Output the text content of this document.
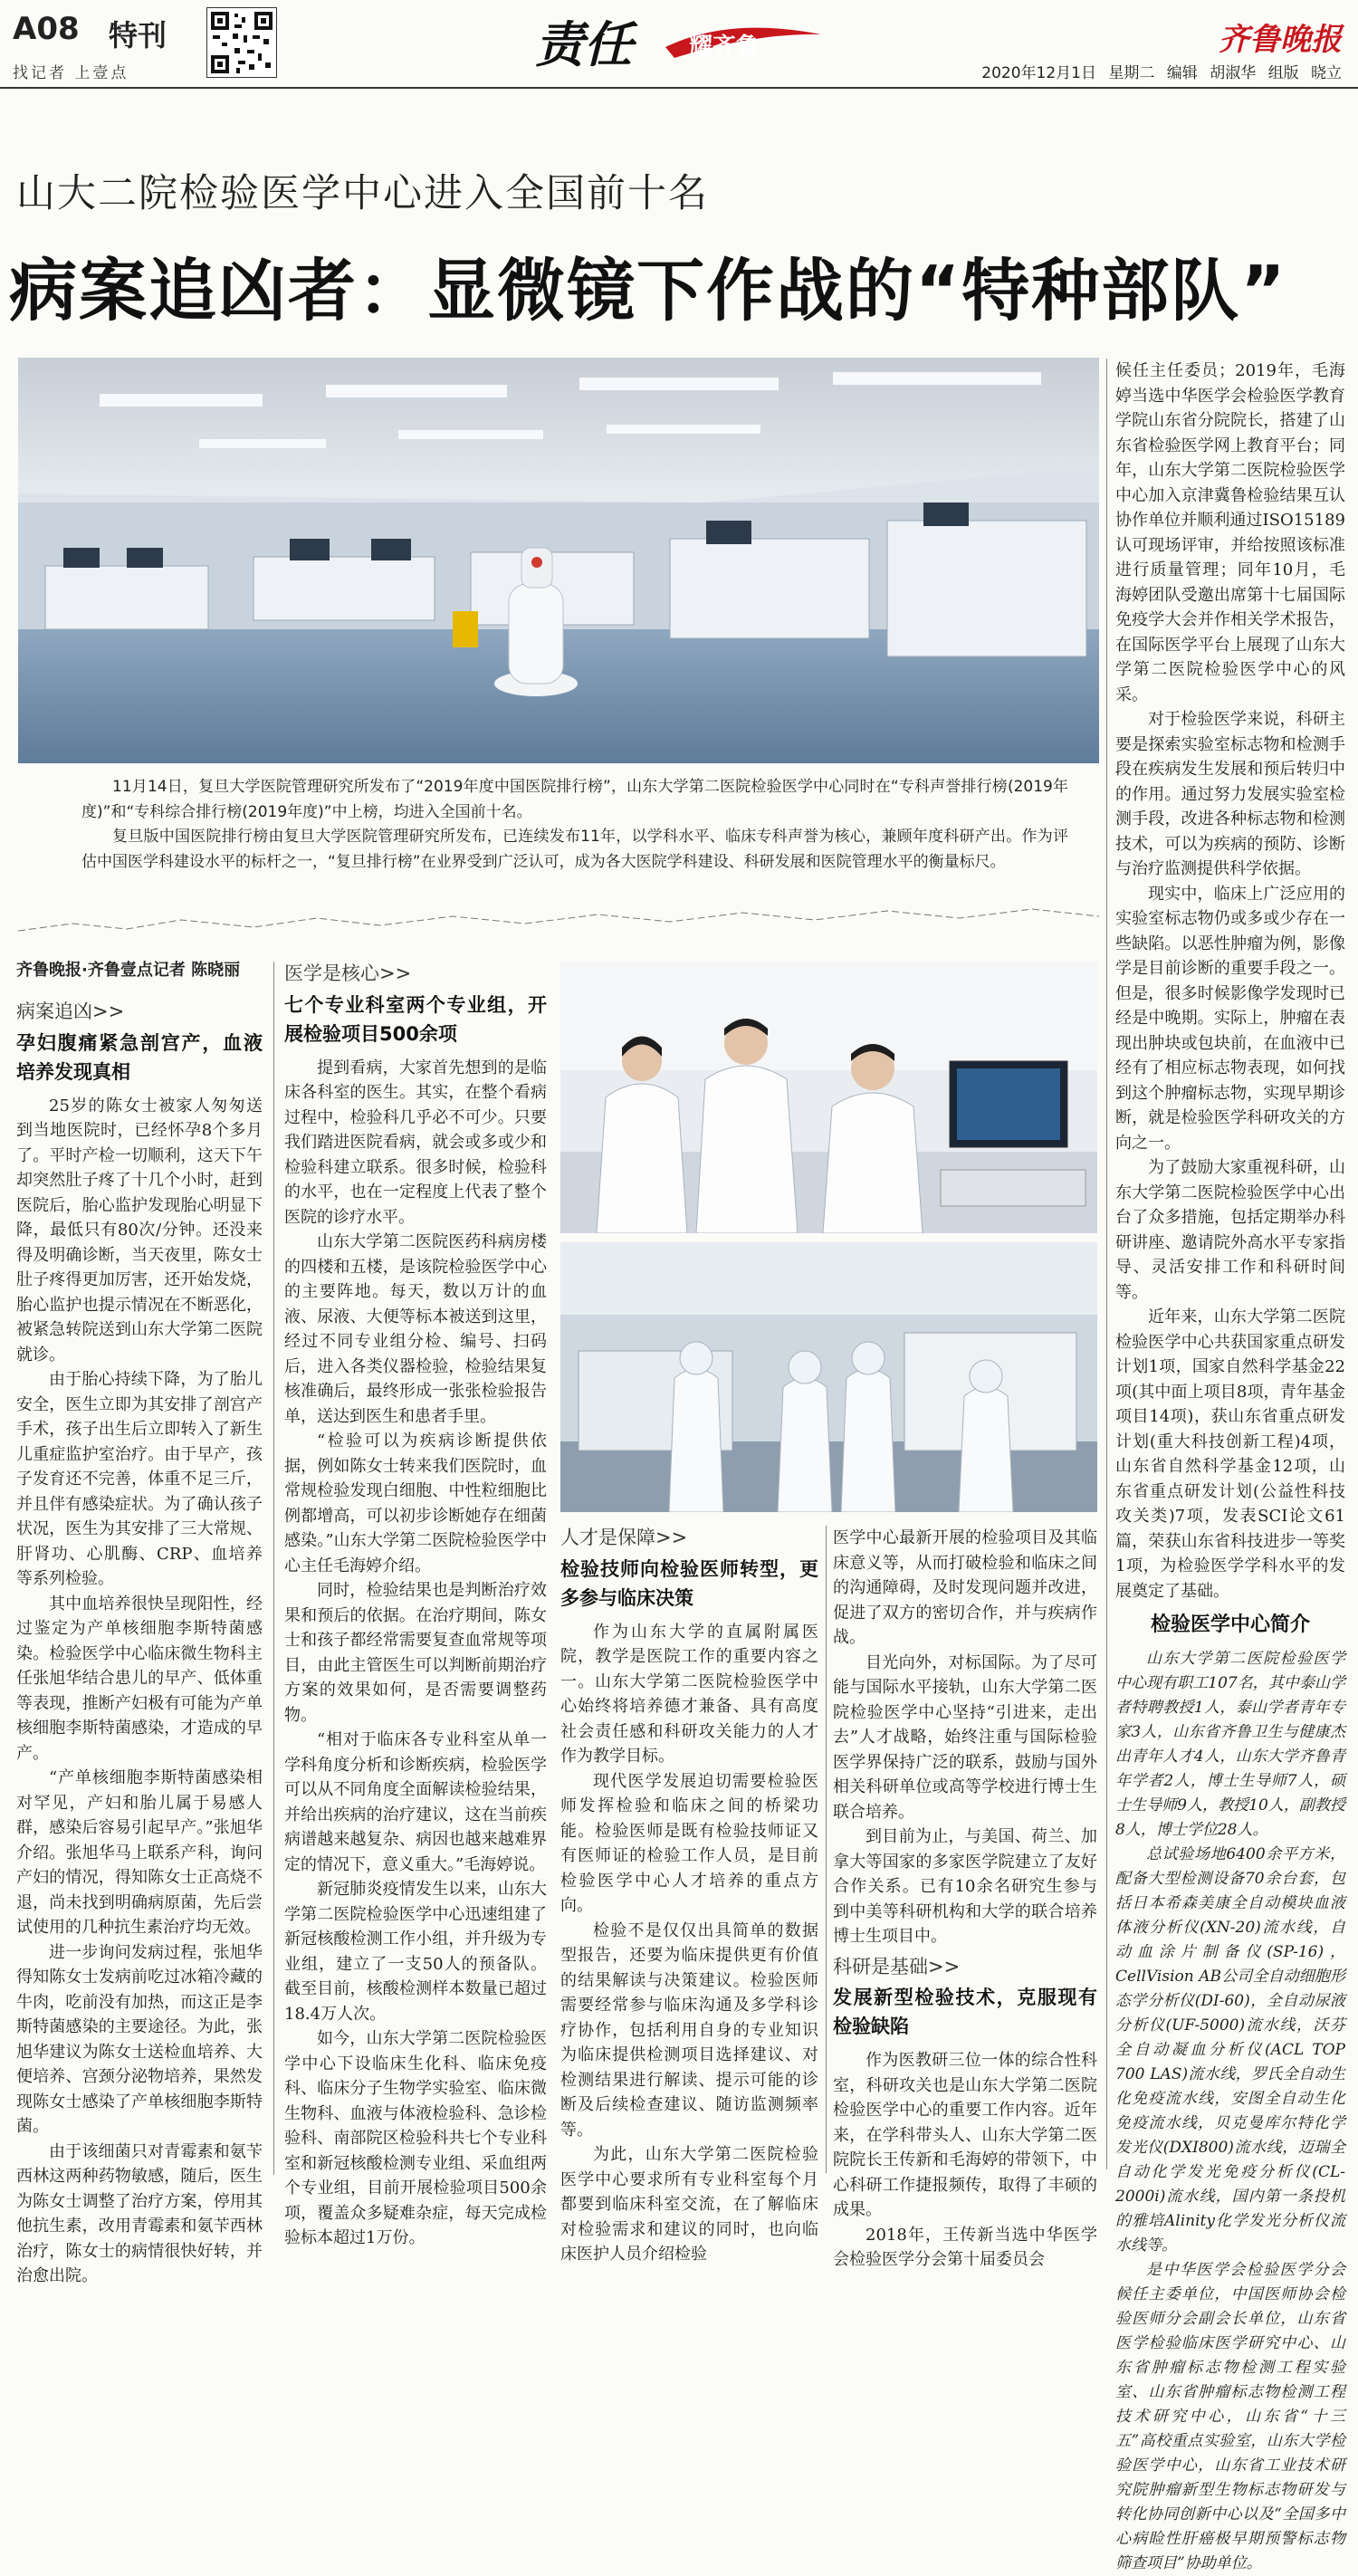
A08 特刊
找记者 上壹点	责任 耀齐鲁	齐鲁晚报
2020年12月1日 星期二 编辑 胡淑华 组版 晓立
山大二院检验医学中心进入全国前十名
病案追凶者：显微镜下作战的“特种部队”
11月14日，复旦大学医院管理研究所发布了“2019年度中国医院排行榜”，山东大学第二医院检验医学中心同时在“专科声誉排行榜(2019年度)”和“专科综合排行榜(2019年度)”中上榜，均进入全国前十名。
复旦版中国医院排行榜由复旦大学医院管理研究所发布，已连续发布11年，以学科水平、临床专科声誉为核心，兼顾年度科研产出。作为评估中国医学科建设水平的标杆之一，“复旦排行榜”在业界受到广泛认可，成为各大医院学科建设、科研发展和医院管理水平的衡量标尺。
齐鲁晚报·齐鲁壹点记者 陈晓丽

候任主任委员；2019年，毛海婷当选中华医学会检验医学教育学院山东省分院院长，搭建了山东省检验医学网上教育平台；同年，山东大学第二医院检验医学中心加入京津冀鲁检验结果互认协作单位并顺利通过ISO15189认可现场评审，并给按照该标准进行质量管理；同年10月，毛海婷团队受邀出席第十七届国际免疫学大会并作相关学术报告，在国际医学平台上展现了山东大学第二医院检验医学中心的风采。

对于检验医学来说，科研主要是探索实验室标志物和检测手段在疾病发生发展和预后转归中的作用。通过努力发展实验室检测手段，改进各种标志物和检测技术，可以为疾病的预防、诊断与治疗监测提供科学依据。

现实中，临床上广泛应用的实验室标志物仍或多或少存在一些缺陷。以恶性肿瘤为例，影像学是目前诊断的重要手段之一。但是，很多时候影像学发现时已经是中晚期。实际上，肿瘤在表现出肿块或包块前，在血液中已经有了相应标志物表现，如何找到这个肿瘤标志物，实现早期诊断，就是检验医学科研攻关的方向之一。

为了鼓励大家重视科研，山东大学第二医院检验医学中心出台了众多措施，包括定期举办科研讲座、邀请院外高水平专家指导、灵活安排工作和科研时间等。

近年来，山东大学第二医院检验医学中心共获国家重点研发计划1项，国家自然科学基金22项(其中面上项目8项，青年基金项目14项)，获山东省重点研发计划(重大科技创新工程)4项，山东省自然科学基金12项，山东省重点研发计划(公益性科技攻关类)7项，发表SCI论文61篇，荣获山东省科技进步一等奖1项，为检验医学学科水平的发展奠定了基础。

检验医学中心简介

山东大学第二医院检验医学中心现有职工107名，其中泰山学者特聘教授1人，泰山学者青年专家3人，山东省齐鲁卫生与健康杰出青年人才4人，山东大学齐鲁青年学者2人，博士生导师7人，硕士生导师9人，教授10人，副教授8人，博士学位28人。

总试验场地6400余平方米，配备大型检测设备70余台套，包括日本希森美康全自动模块血液体液分析仪(XN-20)流水线，自动血涂片制备仪(SP-16)，CellVision AB公司全自动细胞形态学分析仪(DI-60)，全自动尿液分析仪(UF-5000)流水线，沃芬全自动凝血分析仪(ACL TOP 700 LAS)流水线，罗氏全自动生化免疫流水线，安图全自动生化免疫流水线，贝克曼库尔特化学发光仪(DXI800)流水线，迈瑞全自动化学发光免疫分析仪(CL-2000i)流水线，国内第一条投机的雅培Alinity化学发光分析仪流水线等。

是中华医学会检验医学分会候任主委单位，中国医师协会检验医师分会副会长单位，山东省医学检验临床医学研究中心、山东省肿瘤标志物检测工程实验室、山东省肿瘤标志物检测工程技术研究中心，山东省“十三五”高校重点实验室，山东大学检验医学中心，山东省工业技术研究院肿瘤新型生物标志物研发与转化协同创新中心以及“全国多中心病睑性肝癌极早期预警标志物筛查项目”协助单位。

病案追凶>>
孕妇腹痛紧急剖宫产，血液培养发现真相

25岁的陈女士被家人匆匆送到当地医院时，已经怀孕8个多月了。平时产检一切顺利，这天下午却突然肚子疼了十几个小时，赶到医院后，胎心监护发现胎心明显下降，最低只有80次/分钟。还没来得及明确诊断，当天夜里，陈女士肚子疼得更加厉害，还开始发烧，胎心监护也提示情况在不断恶化，被紧急转院送到山东大学第二医院就诊。

由于胎心持续下降，为了胎儿安全，医生立即为其安排了剖宫产手术，孩子出生后立即转入了新生儿重症监护室治疗。由于早产，孩子发育还不完善，体重不足三斤，并且伴有感染症状。为了确认孩子状况，医生为其安排了三大常规、肝肾功、心肌酶、CRP、血培养等系列检验。

其中血培养很快呈现阳性，经过鉴定为产单核细胞李斯特菌感染。检验医学中心临床微生物科主任张旭华结合患儿的早产、低体重等表现，推断产妇极有可能为产单核细胞李斯特菌感染，才造成的早产。

“产单核细胞李斯特菌感染相对罕见，产妇和胎儿属于易感人群，感染后容易引起早产。”张旭华介绍。张旭华马上联系产科，询问产妇的情况，得知陈女士正高烧不退，尚未找到明确病原菌，先后尝试使用的几种抗生素治疗均无效。

进一步询问发病过程，张旭华得知陈女士发病前吃过冰箱冷藏的牛肉，吃前没有加热，而这正是李斯特菌感染的主要途径。为此，张旭华建议为陈女士送检血培养、大便培养、宫颈分泌物培养，果然发现陈女士感染了产单核细胞李斯特菌。

由于该细菌只对青霉素和氨苄西林这两种药物敏感，随后，医生为陈女士调整了治疗方案，停用其他抗生素，改用青霉素和氨苄西林治疗，陈女士的病情很快好转，并治愈出院。

医学是核心>>
七个专业科室两个专业组，开展检验项目500余项

提到看病，大家首先想到的是临床各科室的医生。其实，在整个看病过程中，检验科几乎必不可少。只要我们踏进医院看病，就会或多或少和检验科建立联系。很多时候，检验科的水平，也在一定程度上代表了整个医院的诊疗水平。

山东大学第二医院医药科病房楼的四楼和五楼，是该院检验医学中心的主要阵地。每天，数以万计的血液、尿液、大便等标本被送到这里，经过不同专业组分检、编号、扫码后，进入各类仪器检验，检验结果复核准确后，最终形成一张张检验报告单，送达到医生和患者手里。

“检验可以为疾病诊断提供依据，例如陈女士转来我们医院时，血常规检验发现白细胞、中性粒细胞比例都增高，可以初步诊断她存在细菌感染。”山东大学第二医院检验医学中心主任毛海婷介绍。

同时，检验结果也是判断治疗效果和预后的依据。在治疗期间，陈女士和孩子都经常需要复查血常规等项目，由此主管医生可以判断前期治疗方案的效果如何，是否需要调整药物。

“相对于临床各专业科室从单一学科角度分析和诊断疾病，检验医学可以从不同角度全面解读检验结果，并给出疾病的治疗建议，这在当前疾病谱越来越复杂、病因也越来越难界定的情况下，意义重大。”毛海婷说。

新冠肺炎疫情发生以来，山东大学第二医院检验医学中心迅速组建了新冠核酸检测工作小组，并升级为专业组，建立了一支50人的预备队。截至目前，核酸检测样本数量已超过18.4万人次。

如今，山东大学第二医院检验医学中心下设临床生化科、临床免疫科、临床分子生物学实验室、临床微生物科、血液与体液检验科、急诊检验科、南部院区检验科共七个专业科室和新冠核酸检测专业组、采血组两个专业组，目前开展检验项目500余项，覆盖众多疑难杂症，每天完成检验标本超过1万份。

人才是保障>>
检验技师向检验医师转型，更多参与临床决策

作为山东大学的直属附属医院，教学是医院工作的重要内容之一。山东大学第二医院检验医学中心始终将培养德才兼备、具有高度社会责任感和科研攻关能力的人才作为教学目标。

现代医学发展迫切需要检验医师发挥检验和临床之间的桥梁功能。检验医师是既有检验技师证又有医师证的检验工作人员，是目前检验医学中心人才培养的重点方向。

检验不是仅仅出具简单的数据型报告，还要为临床提供更有价值的结果解读与决策建议。检验医师需要经常参与临床沟通及多学科诊疗协作，包括利用自身的专业知识为临床提供检测项目选择建议、对检测结果进行解读、提示可能的诊断及后续检查建议、随访监测频率等。

为此，山东大学第二医院检验医学中心要求所有专业科室每个月都要到临床科室交流，在了解临床对检验需求和建议的同时，也向临床医护人员介绍检验

医学中心最新开展的检验项目及其临床意义等，从而打破检验和临床之间的沟通障碍，及时发现问题并改进，促进了双方的密切合作，并与疾病作战。

目光向外，对标国际。为了尽可能与国际水平接轨，山东大学第二医院检验医学中心坚持“引进来，走出去”人才战略，始终注重与国际检验医学界保持广泛的联系，鼓励与国外相关科研单位或高等学校进行博士生联合培养。

到目前为止，与美国、荷兰、加拿大等国家的多家医学院建立了友好合作关系。已有10余名研究生参与到中美等科研机构和大学的联合培养博士生项目中。

科研是基础>>
发展新型检验技术，克服现有检验缺陷

作为医教研三位一体的综合性科室，科研攻关也是山东大学第二医院检验医学中心的重要工作内容。近年来，在学科带头人、山东大学第二医院院长王传新和毛海婷的带领下，中心科研工作捷报频传，取得了丰硕的成果。

2018年，王传新当选中华医学会检验医学分会第十届委员会
